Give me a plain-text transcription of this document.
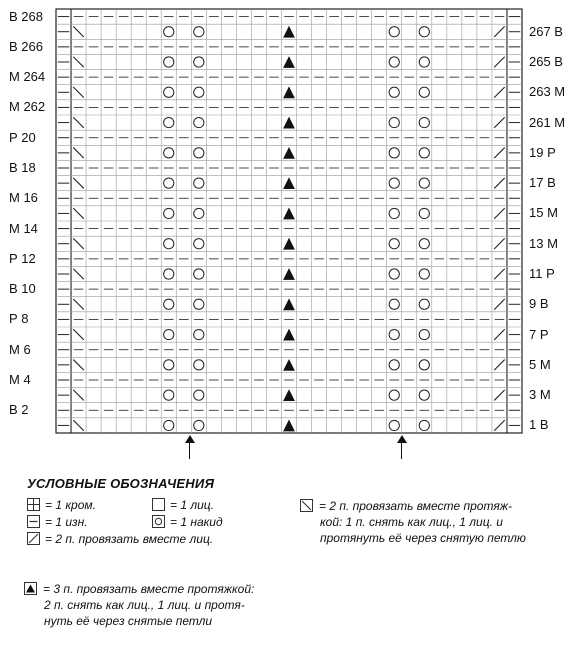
В 268
В 266
М 264
М 262
Р 20
В 18
М 16
М 14
Р 12
В 10
Р 8
М 6
М 4
В 2
267 В
265 В
263 М
261 М
19 Р
17 В
15 М
13 М
11 Р
9 В
7 Р
5 М
3 М
1 В
УСЛОВНЫЕ ОБОЗНАЧЕНИЯ
= 1 кром.
= 1 изн.
= 2 п. провязать вместе лиц.
= 1 лиц.
= 1 накид
= 2 п. провязать вместе протяж-
кой: 1 п. снять как лиц., 1 лиц. и
протянуть её через снятую петлю
= 3 п. провязать вместе протяжкой:
2 п. снять как лиц., 1 лиц. и протя-
нуть её через снятые петли
